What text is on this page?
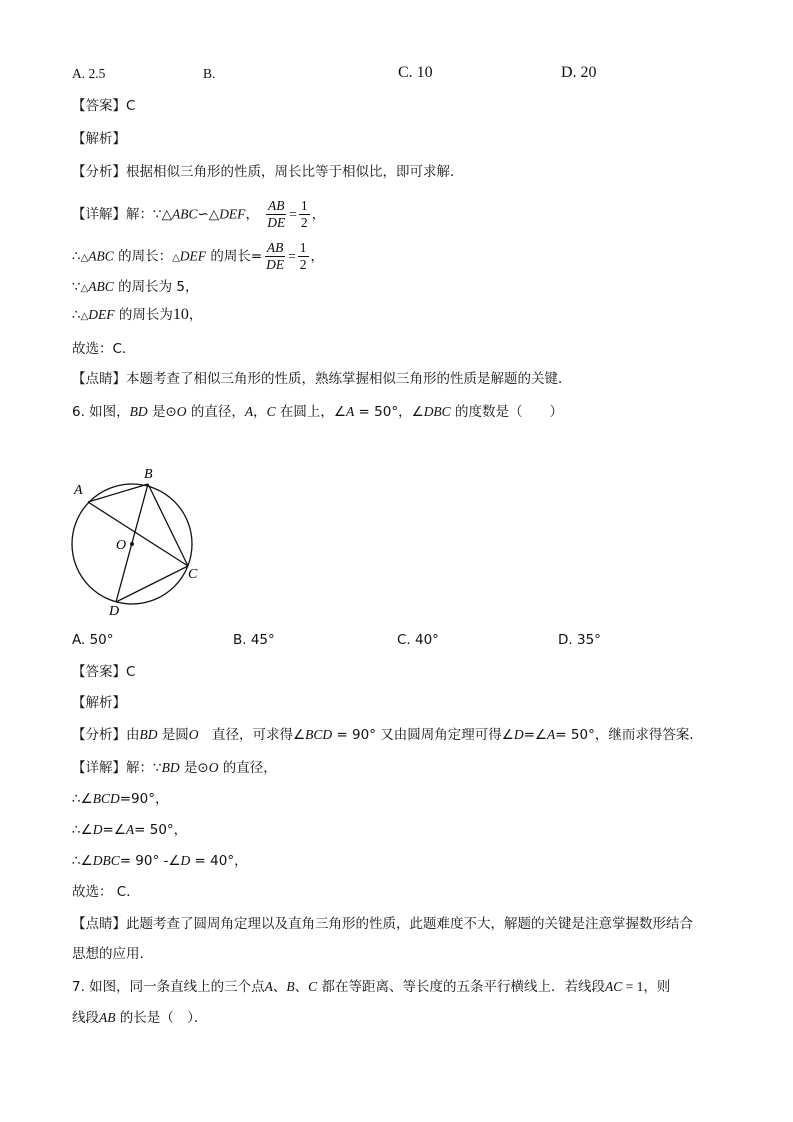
A. 2.5	B.	C. 10	D. 20
【答案】C
【解析】
【分析】根据相似三角形的性质，周长比等于相似比，即可求解．
【详解】解：∵△ABC∽△DEF， $\frac{AB}{DE} = \frac{1}{2}$ ，
∴△ABC 的周长：△DEF 的周长= $\frac{AB}{DE} = \frac{1}{2}$ ，
∵△ABC 的周长为 5，
∴△DEF 的周长为10，
故选：C．
【点睛】本题考查了相似三角形的性质，熟练掌握相似三角形的性质是解题的关键．
6. 如图，BD 是⊙O 的直径，A，C 在圆上，∠A = 50°，∠DBC 的度数是（　　）
A
B
C
D
O
A. 50°	B. 45°	C. 40°	D. 35°
【答案】C
【解析】
【分析】由BD 是圆O　直径，可求得∠BCD = 90° 又由圆周角定理可得∠D=∠A= 50°，继而求得答案．
【详解】解：∵BD 是⊙O 的直径，
∴∠BCD=90°，
∴∠D=∠A= 50°，
∴∠DBC= 90° -∠D = 40°，
故选： C．
【点睛】此题考查了圆周角定理以及直角三角形的性质，此题难度不大，解题的关键是注意掌握数形结合
思想的应用．
7. 如图，同一条直线上的三个点A、B、C 都在等距离、等长度的五条平行横线上．若线段AC = 1，则
线段AB 的长是（　）．
